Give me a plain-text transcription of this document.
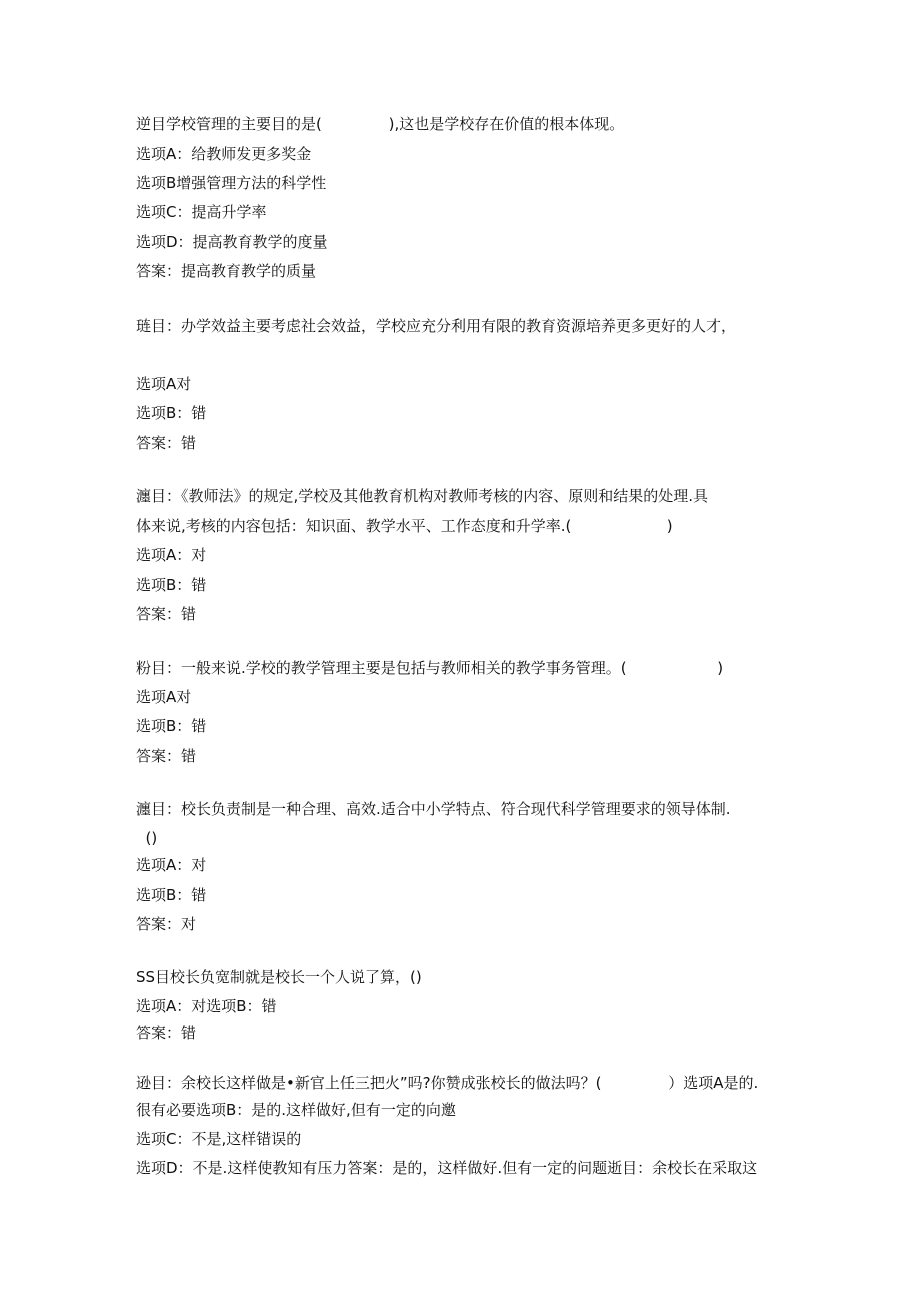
逆目学校管理的主要目的是(              ),这也是学校存在价值的根本体现。
选项A：给教师发更多奖金
选项B增强管理方法的科学性
选项C：提高升学率
选项D：提高教育教学的度量
答案：提高教育教学的质量
琏目：办学效益主要考虑社会效益，学校应充分利用有限的教育资源培养更多更好的人才，
选项A对
选项B：错
答案：错
瀍目：《教师法》的规定,学校及其他教育机构对教师考核的内容、原则和结果的处理.具
体来说,考核的内容包括：知识面、教学水平、工作态度和升学率.(                    )
选项A：对
选项B：错
答案：错
粉目：一般来说.学校的教学管理主要是包括与教师相关的教学事务管理。(                   )
选项A对
选项B：错
答案：错
瀍目：校长负责制是一种合理、高效.适合中小学特点、符合现代科学管理要求的领导体制.
()
选项A：对
选项B：错
答案：对
SS目校长负宽制就是校长一个人说了算，()
选项A：对选项B：错
答案：错
逊目：余校长这样做是•新官上任三把火”吗?你赞成张校长的做法吗？(              ）选项A是的.
很有必要选项B：是的.这样做好,但有一定的向邀
选项C：不是,这样错误的
选项D：不是.这样使教知有压力答案：是的，这样做好.但有一定的问题逝目：余校长在采取这
